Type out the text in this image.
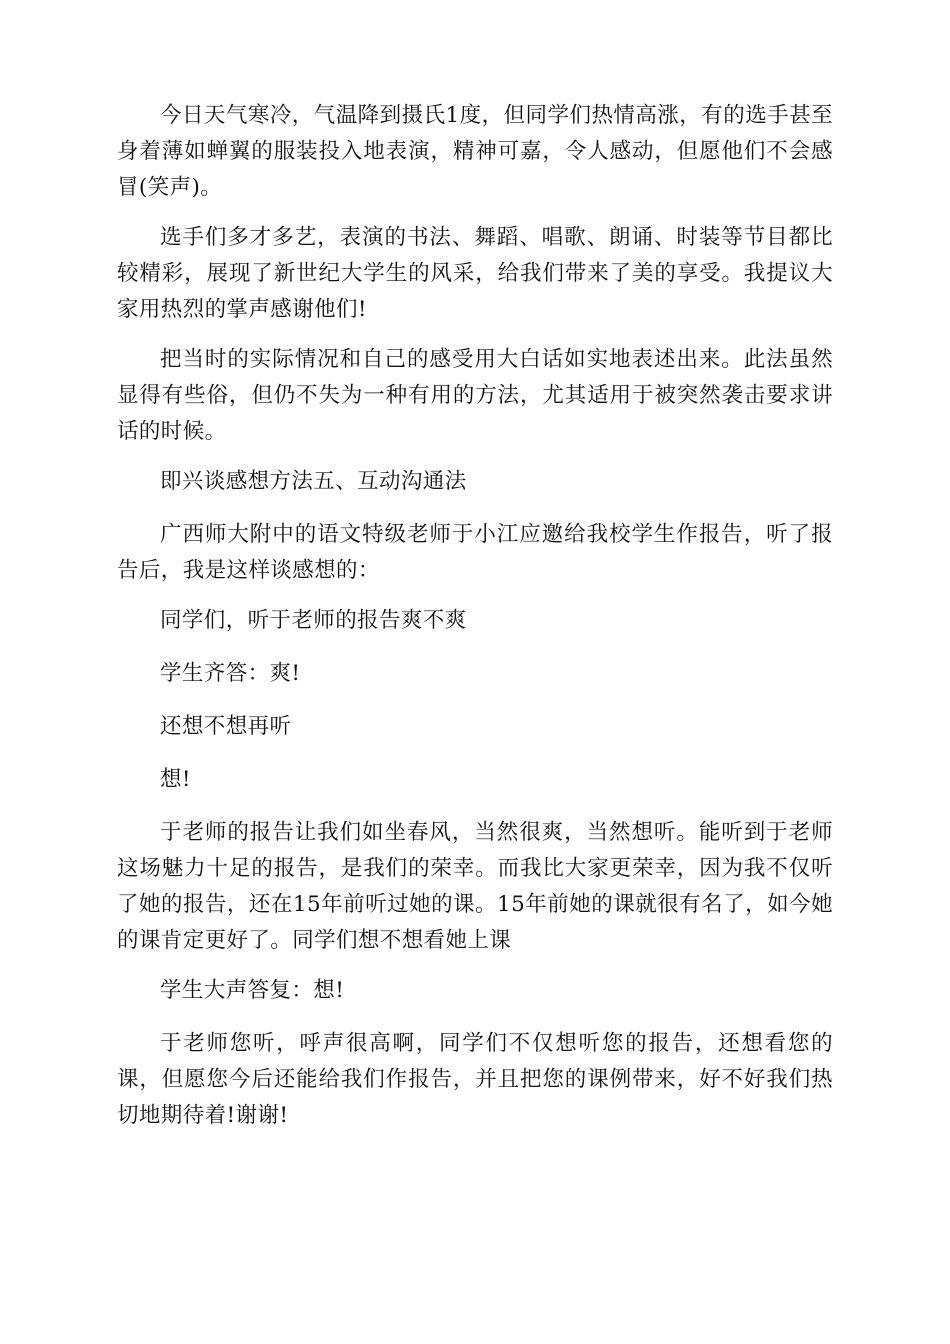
今日天气寒冷，气温降到摄氏1度，但同学们热情高涨，有的选手甚至身着薄如蝉翼的服装投入地表演，精神可嘉，令人感动，但愿他们不会感冒(笑声)。

选手们多才多艺，表演的书法、舞蹈、唱歌、朗诵、时装等节目都比较精彩，展现了新世纪大学生的风采，给我们带来了美的享受。我提议大家用热烈的掌声感谢他们!

把当时的实际情况和自己的感受用大白话如实地表述出来。此法虽然显得有些俗，但仍不失为一种有用的方法，尤其适用于被突然袭击要求讲话的时候。

即兴谈感想方法五、互动沟通法

广西师大附中的语文特级老师于小江应邀给我校学生作报告，听了报告后，我是这样谈感想的：

同学们，听于老师的报告爽不爽

学生齐答：爽!

还想不想再听

想!

于老师的报告让我们如坐春风，当然很爽，当然想听。能听到于老师这场魅力十足的报告，是我们的荣幸。而我比大家更荣幸，因为我不仅听了她的报告，还在15年前听过她的课。15年前她的课就很有名了，如今她的课肯定更好了。同学们想不想看她上课

学生大声答复：想!

于老师您听，呼声很高啊，同学们不仅想听您的报告，还想看您的课，但愿您今后还能给我们作报告，并且把您的课例带来，好不好我们热切地期待着!谢谢!
